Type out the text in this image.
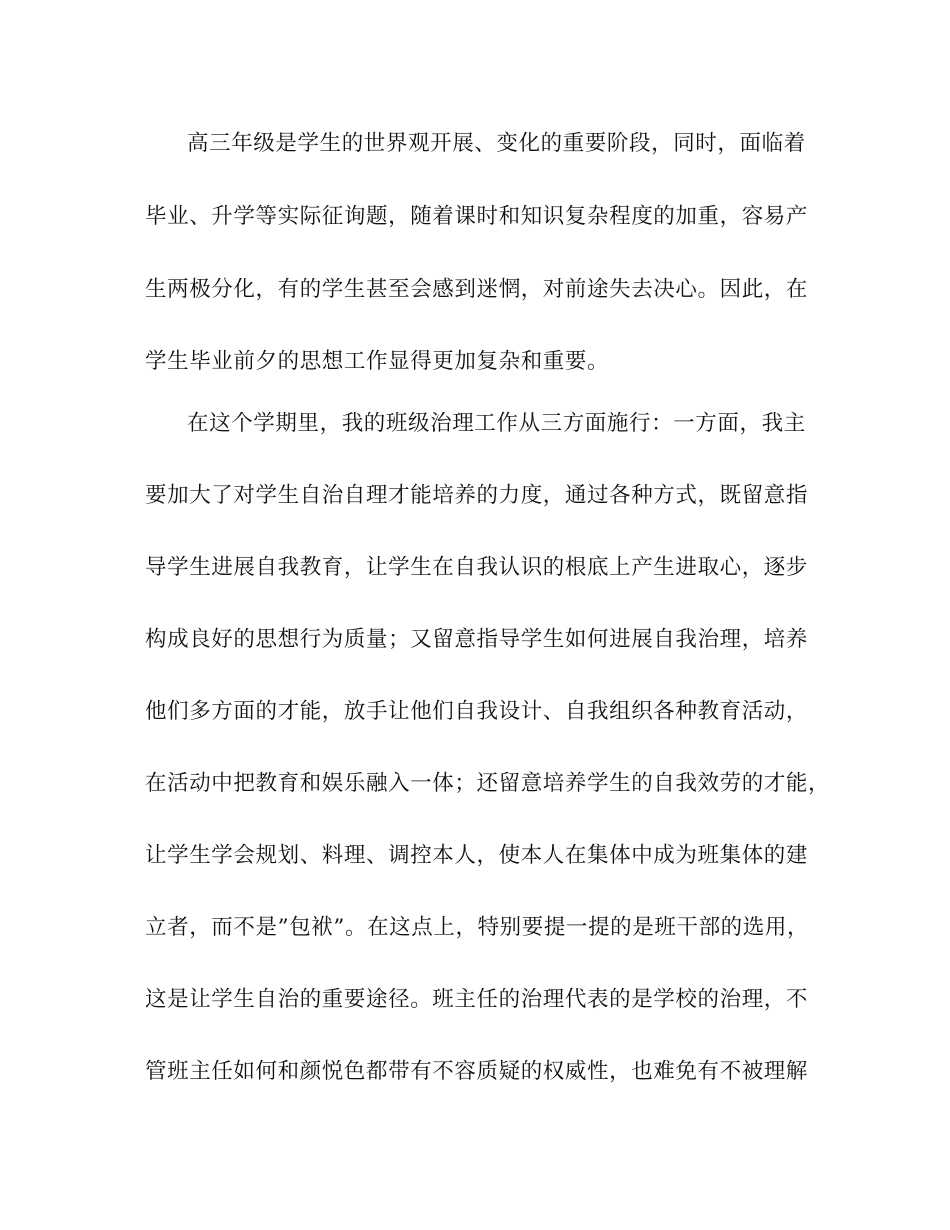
高三年级是学生的世界观开展、变化的重要阶段，同时，面临着
毕业、升学等实际征询题，随着课时和知识复杂程度的加重，容易产
生两极分化，有的学生甚至会感到迷惘，对前途失去决心。因此，在
学生毕业前夕的思想工作显得更加复杂和重要。
在这个学期里，我的班级治理工作从三方面施行：一方面，我主
要加大了对学生自治自理才能培养的力度，通过各种方式，既留意指
导学生进展自我教育，让学生在自我认识的根底上产生进取心，逐步
构成良好的思想行为质量；又留意指导学生如何进展自我治理，培养
他们多方面的才能，放手让他们自我设计、自我组织各种教育活动，
在活动中把教育和娱乐融入一体；还留意培养学生的自我效劳的才能，
让学生学会规划、料理、调控本人，使本人在集体中成为班集体的建
立者，而不是”包袱”。在这点上，特别要提一提的是班干部的选用，
这是让学生自治的重要途径。班主任的治理代表的是学校的治理，不
管班主任如何和颜悦色都带有不容质疑的权威性，也难免有不被理解
